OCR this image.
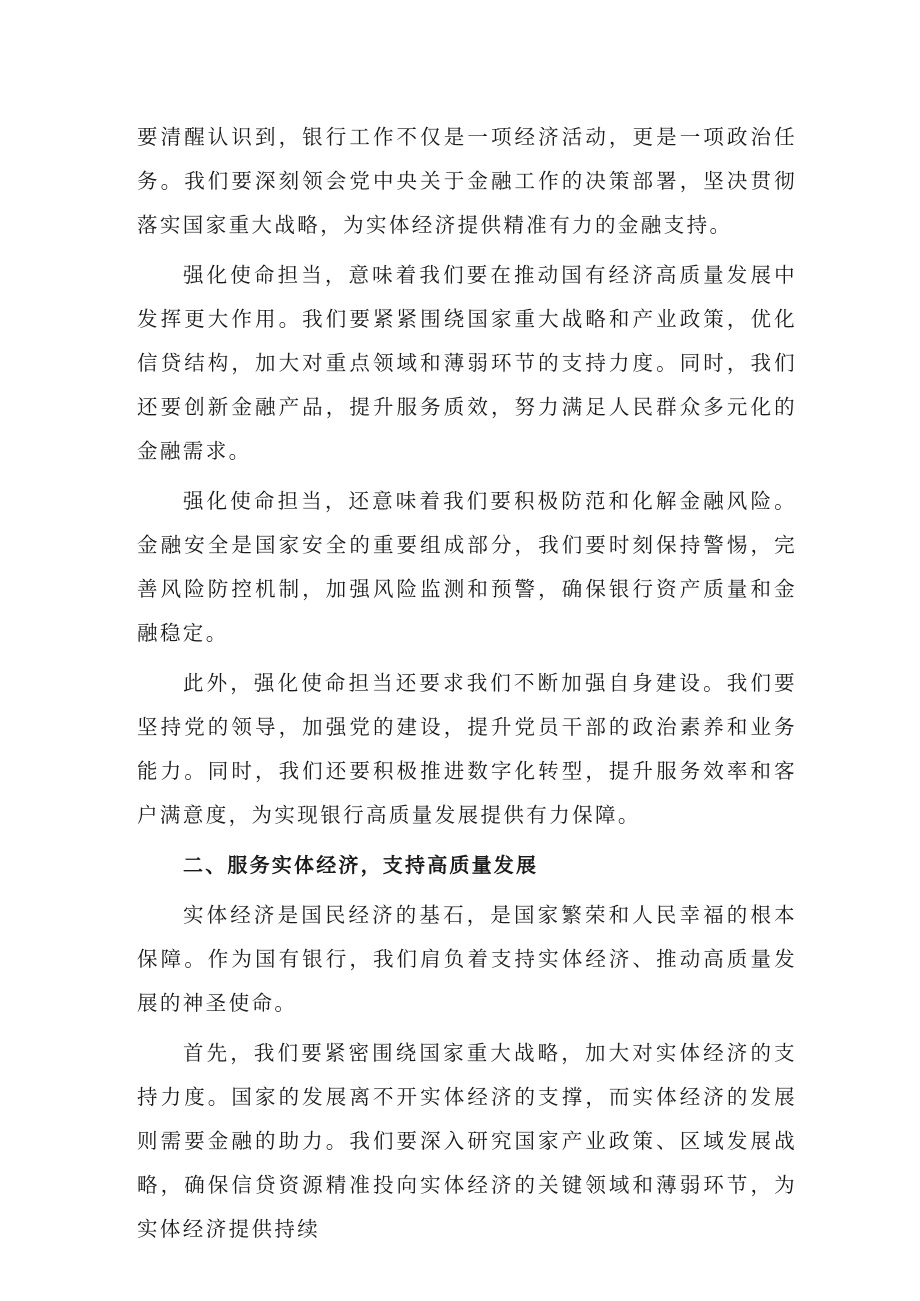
要清醒认识到，银行工作不仅是一项经济活动，更是一项政治任务。我们要深刻领会党中央关于金融工作的决策部署，坚决贯彻落实国家重大战略，为实体经济提供精准有力的金融支持。

强化使命担当，意味着我们要在推动国有经济高质量发展中发挥更大作用。我们要紧紧围绕国家重大战略和产业政策，优化信贷结构，加大对重点领域和薄弱环节的支持力度。同时，我们还要创新金融产品，提升服务质效，努力满足人民群众多元化的金融需求。

强化使命担当，还意味着我们要积极防范和化解金融风险。金融安全是国家安全的重要组成部分，我们要时刻保持警惕，完善风险防控机制，加强风险监测和预警，确保银行资产质量和金融稳定。

此外，强化使命担当还要求我们不断加强自身建设。我们要坚持党的领导，加强党的建设，提升党员干部的政治素养和业务能力。同时，我们还要积极推进数字化转型，提升服务效率和客户满意度，为实现银行高质量发展提供有力保障。

二、服务实体经济，支持高质量发展

实体经济是国民经济的基石，是国家繁荣和人民幸福的根本保障。作为国有银行，我们肩负着支持实体经济、推动高质量发展的神圣使命。

首先，我们要紧密围绕国家重大战略，加大对实体经济的支持力度。国家的发展离不开实体经济的支撑，而实体经济的发展则需要金融的助力。我们要深入研究国家产业政策、区域发展战略，确保信贷资源精准投向实体经济的关键领域和薄弱环节，为实体经济提供持续
